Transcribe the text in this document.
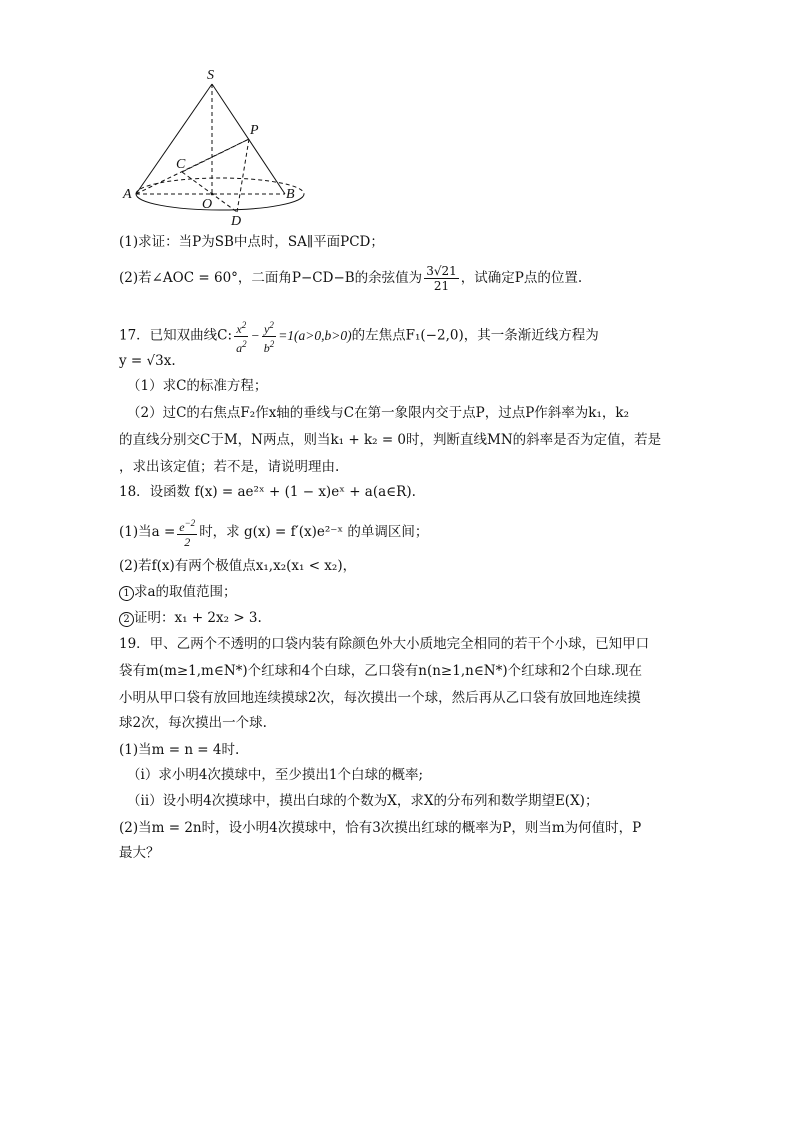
S
P
C
A
O
B
D
(1)求证：当P为SB中点时，SA∥平面PCD；
(2)若∠AOC = 60°，二面角P−CD−B的余弦值为 $\frac{3√21}{21}$ ，试确定P点的位置.
17．已知双曲线C: $\frac{x^2}{a^2} - \frac{y^2}{b^2} =1(a>0,b>0)$的左焦点F₁(−2,0)，其一条渐近线方程为
y = √3x.
（1）求C的标准方程；
（2）过C的右焦点F₂作x轴的垂线与C在第一象限内交于点P，过点P作斜率为k₁，k₂
的直线分别交C于M，N两点，则当k₁ + k₂ = 0时，判断直线MN的斜率是否为定值，若是
，求出该定值；若不是，请说明理由.
18．设函数 f(x) = ae²ˣ + (1 − x)eˣ + a(a∈R).
(1)当$a = \frac{e^{-2}}{2}$ 时，求 g(x) = f′(x)e²⁻ˣ 的单调区间；
(2)若f(x)有两个极值点x₁,x₂(x₁ < x₂)，
1 求a的取值范围；
2 证明：x₁ + 2x₂ > 3.
19．甲、乙两个不透明的口袋内装有除颜色外大小质地完全相同的若干个小球，已知甲口
袋有m(m≥1,m∈N*)个红球和4个白球，乙口袋有n(n≥1,n∈N*)个红球和2个白球.现在
小明从甲口袋有放回地连续摸球2次，每次摸出一个球，然后再从乙口袋有放回地连续摸
球2次，每次摸出一个球.
(1)当m = n = 4时.
（i）求小明4次摸球中，至少摸出1个白球的概率;
（ii）设小明4次摸球中，摸出白球的个数为X，求X的分布列和数学期望E(X)；
(2)当m = 2n时，设小明4次摸球中，恰有3次摸出红球的概率为P，则当m为何值时，P
最大？
